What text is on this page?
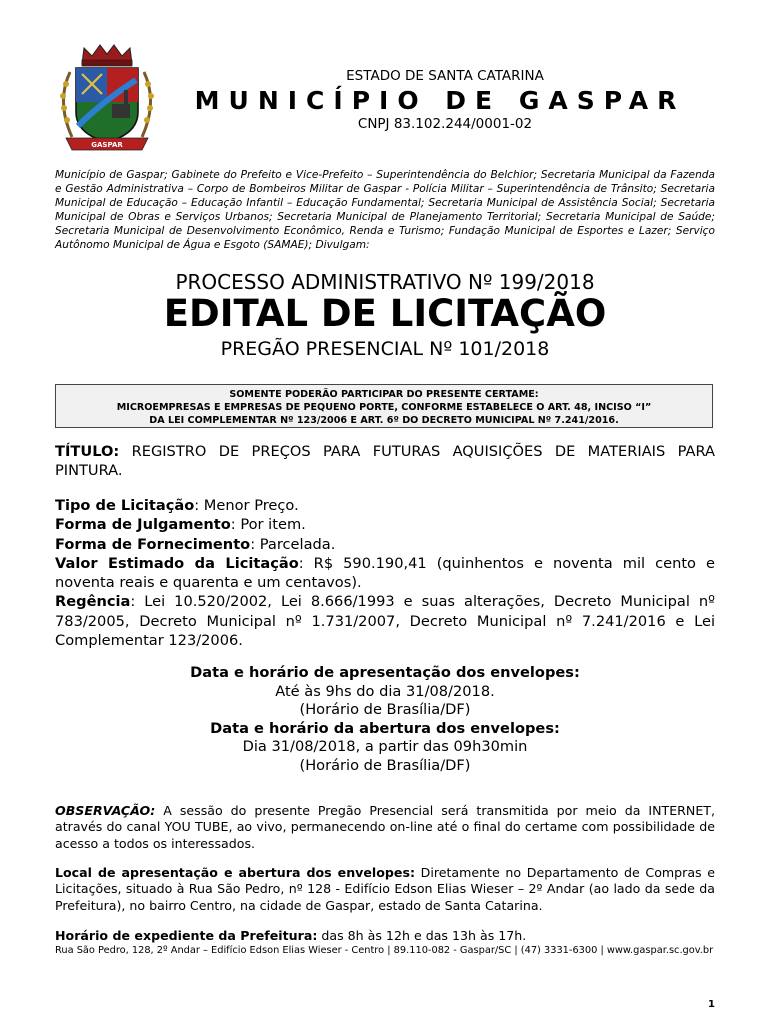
GASPAR
ESTADO DE SANTA CATARINA
MUNICÍPIO DE GASPAR
CNPJ 83.102.244/0001-02
Município de Gaspar; Gabinete do Prefeito e Vice-Prefeito – Superintendência do Belchior; Secretaria Municipal da Fazenda e Gestão Administrativa – Corpo de Bombeiros Militar de Gaspar - Polícia Militar – Superintendência de Trânsito; Secretaria Municipal de Educação – Educação Infantil – Educação Fundamental; Secretaria Municipal de Assistência Social; Secretaria Municipal de Obras e Serviços Urbanos; Secretaria Municipal de Planejamento Territorial; Secretaria Municipal de Saúde; Secretaria Municipal de Desenvolvimento Econômico, Renda e Turismo; Fundação Municipal de Esportes e Lazer; Serviço Autônomo Municipal de Água e Esgoto (SAMAE); Divulgam:
PROCESSO ADMINISTRATIVO Nº 199/2018
EDITAL DE LICITAÇÃO
PREGÃO PRESENCIAL Nº 101/2018
SOMENTE PODERÃO PARTICIPAR DO PRESENTE CERTAME:
MICROEMPRESAS E EMPRESAS DE PEQUENO PORTE, CONFORME ESTABELECE O ART. 48, INCISO “I”
DA LEI COMPLEMENTAR Nº 123/2006 E ART. 6º DO DECRETO MUNICIPAL Nº 7.241/2016.
TÍTULO: REGISTRO DE PREÇOS PARA FUTURAS AQUISIÇÕES DE MATERIAIS PARA PINTURA.

Tipo de Licitação: Menor Preço.

Forma de Julgamento: Por item.

Forma de Fornecimento: Parcelada.

Valor Estimado da Licitação: R$ 590.190,41 (quinhentos e noventa mil cento e noventa reais e quarenta e um centavos).

Regência: Lei 10.520/2002, Lei 8.666/1993 e suas alterações, Decreto Municipal nº 783/2005, Decreto Municipal nº 1.731/2007, Decreto Municipal nº 7.241/2016 e Lei Complementar 123/2006.

Data e horário de apresentação dos envelopes:
Até às 9hs do dia 31/08/2018.
(Horário de Brasília/DF)
Data e horário da abertura dos envelopes:
Dia 31/08/2018, a partir das 09h30min
(Horário de Brasília/DF)
OBSERVAÇÃO: A sessão do presente Pregão Presencial será transmitida por meio da INTERNET, através do canal YOU TUBE, ao vivo, permanecendo on-line até o final do certame com possibilidade de acesso a todos os interessados.
Local de apresentação e abertura dos envelopes: Diretamente no Departamento de Compras e Licitações, situado à Rua São Pedro, nº 128 - Edifício Edson Elias Wieser – 2º Andar (ao lado da sede da Prefeitura), no bairro Centro, na cidade de Gaspar, estado de Santa Catarina.
Horário de expediente da Prefeitura: das 8h às 12h e das 13h às 17h.
Rua São Pedro, 128, 2º Andar – Edifício Edson Elias Wieser - Centro | 89.110-082 - Gaspar/SC | (47) 3331-6300 | www.gaspar.sc.gov.br
1
